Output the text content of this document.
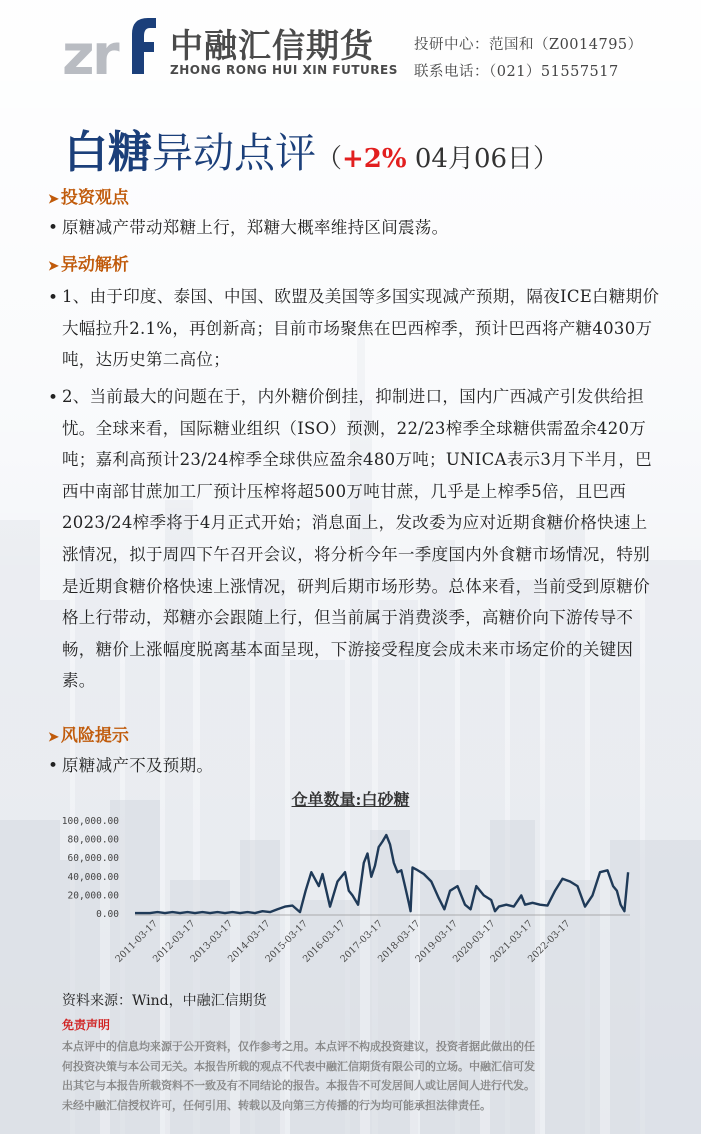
z
r 中融汇信期货
ZHONG RONG HUI XIN FUTURES
投研中心：范国和（Z0014795）
联系电话：（021）51557517
白糖异动点评（+2% 04月06日）
➤ 投资观点
• 原糖减产带动郑糖上行，郑糖大概率维持区间震荡。
➤ 异动解析
• 1、由于印度、泰国、中国、欧盟及美国等多国实现减产预期，隔夜ICE白糖期价大幅拉升2.1%，再创新高；目前市场聚焦在巴西榨季，预计巴西将产糖4030万吨，达历史第二高位；
• 2、当前最大的问题在于，内外糖价倒挂，抑制进口，国内广西减产引发供给担忧。全球来看，国际糖业组织（ISO）预测，22/23榨季全球糖供需盈余420万吨；嘉利高预计23/24榨季全球供应盈余480万吨；UNICA表示3月下半月，巴西中南部甘蔗加工厂预计压榨将超500万吨甘蔗，几乎是上榨季5倍，且巴西2023/24榨季将于4月正式开始；消息面上，发改委为应对近期食糖价格快速上涨情况，拟于周四下午召开会议，将分析今年一季度国内外食糖市场情况，特别是近期食糖价格快速上涨情况，研判后期市场形势。总体来看，当前受到原糖价格上行带动，郑糖亦会跟随上行，但当前属于消费淡季，高糖价向下游传导不畅，糖价上涨幅度脱离基本面呈现，下游接受程度会成未来市场定价的关键因素。
➤ 风险提示
• 原糖减产不及预期。
仓单数量:白砂糖
100,000.00
80,000.00
60,000.00
40,000.00
20,000.00
0.00
2011-03-17
2012-03-17
2013-03-17
2014-03-17
2015-03-17
2016-03-17
2017-03-17
2018-03-17
2019-03-17
2020-03-17
2021-03-17
2022-03-17
资料来源：Wind，中融汇信期货
免责声明
本点评中的信息均来源于公开资料，仅作参考之用。本点评不构成投资建议，投资者据此做出的任
何投资决策与本公司无关。本报告所载的观点不代表中融汇信期货有限公司的立场。中融汇信可发
出其它与本报告所载资料不一致及有不同结论的报告。本报告不可发居间人或让居间人进行代发。
未经中融汇信授权许可，任何引用、转载以及向第三方传播的行为均可能承担法律责任。
